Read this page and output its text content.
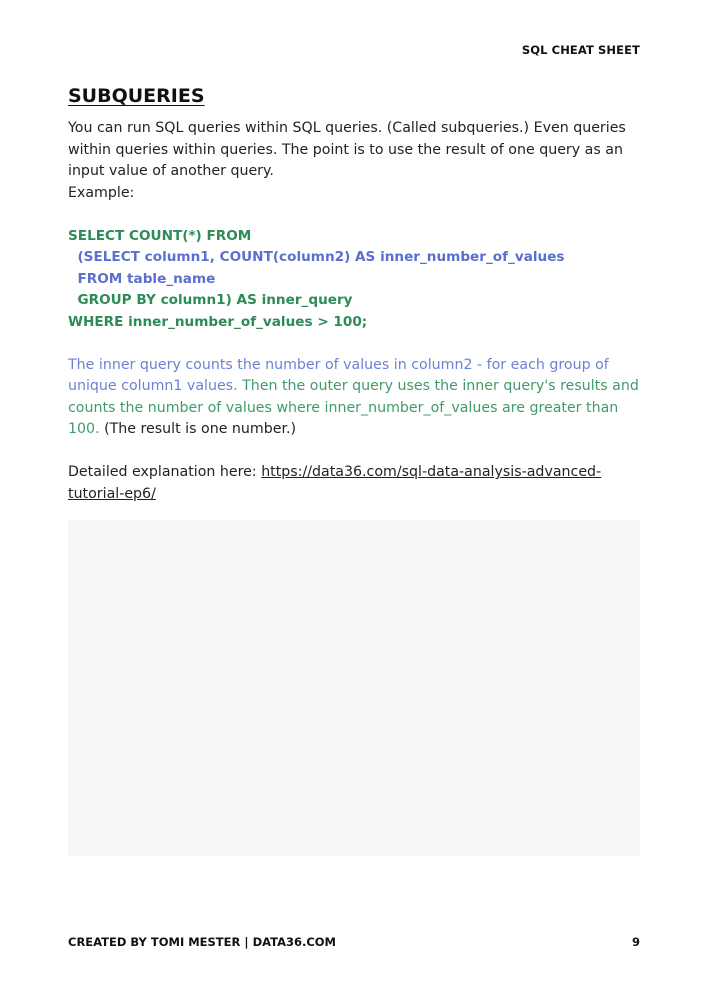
SQL CHEAT SHEET
SUBQUERIES

You can run SQL queries within SQL queries. (Called subqueries.) Even queries within queries within queries. The point is to use the result of one query as an input value of another query.
Example:

SELECT COUNT(*) FROM
(SELECT column1, COUNT(column2) AS inner_number_of_values
FROM table_name
GROUP BY column1) AS inner_query
WHERE inner_number_of_values > 100;

The inner query counts the number of values in column2 - for each group of unique column1 values. Then the outer query uses the inner query's results and counts the number of values where inner_number_of_values are greater than 100. (The result is one number.)

Detailed explanation here: https://data36.com/sql-data-analysis-advanced-tutorial-ep6/

CREATED BY TOMI MESTER | DATA36.COM	9
